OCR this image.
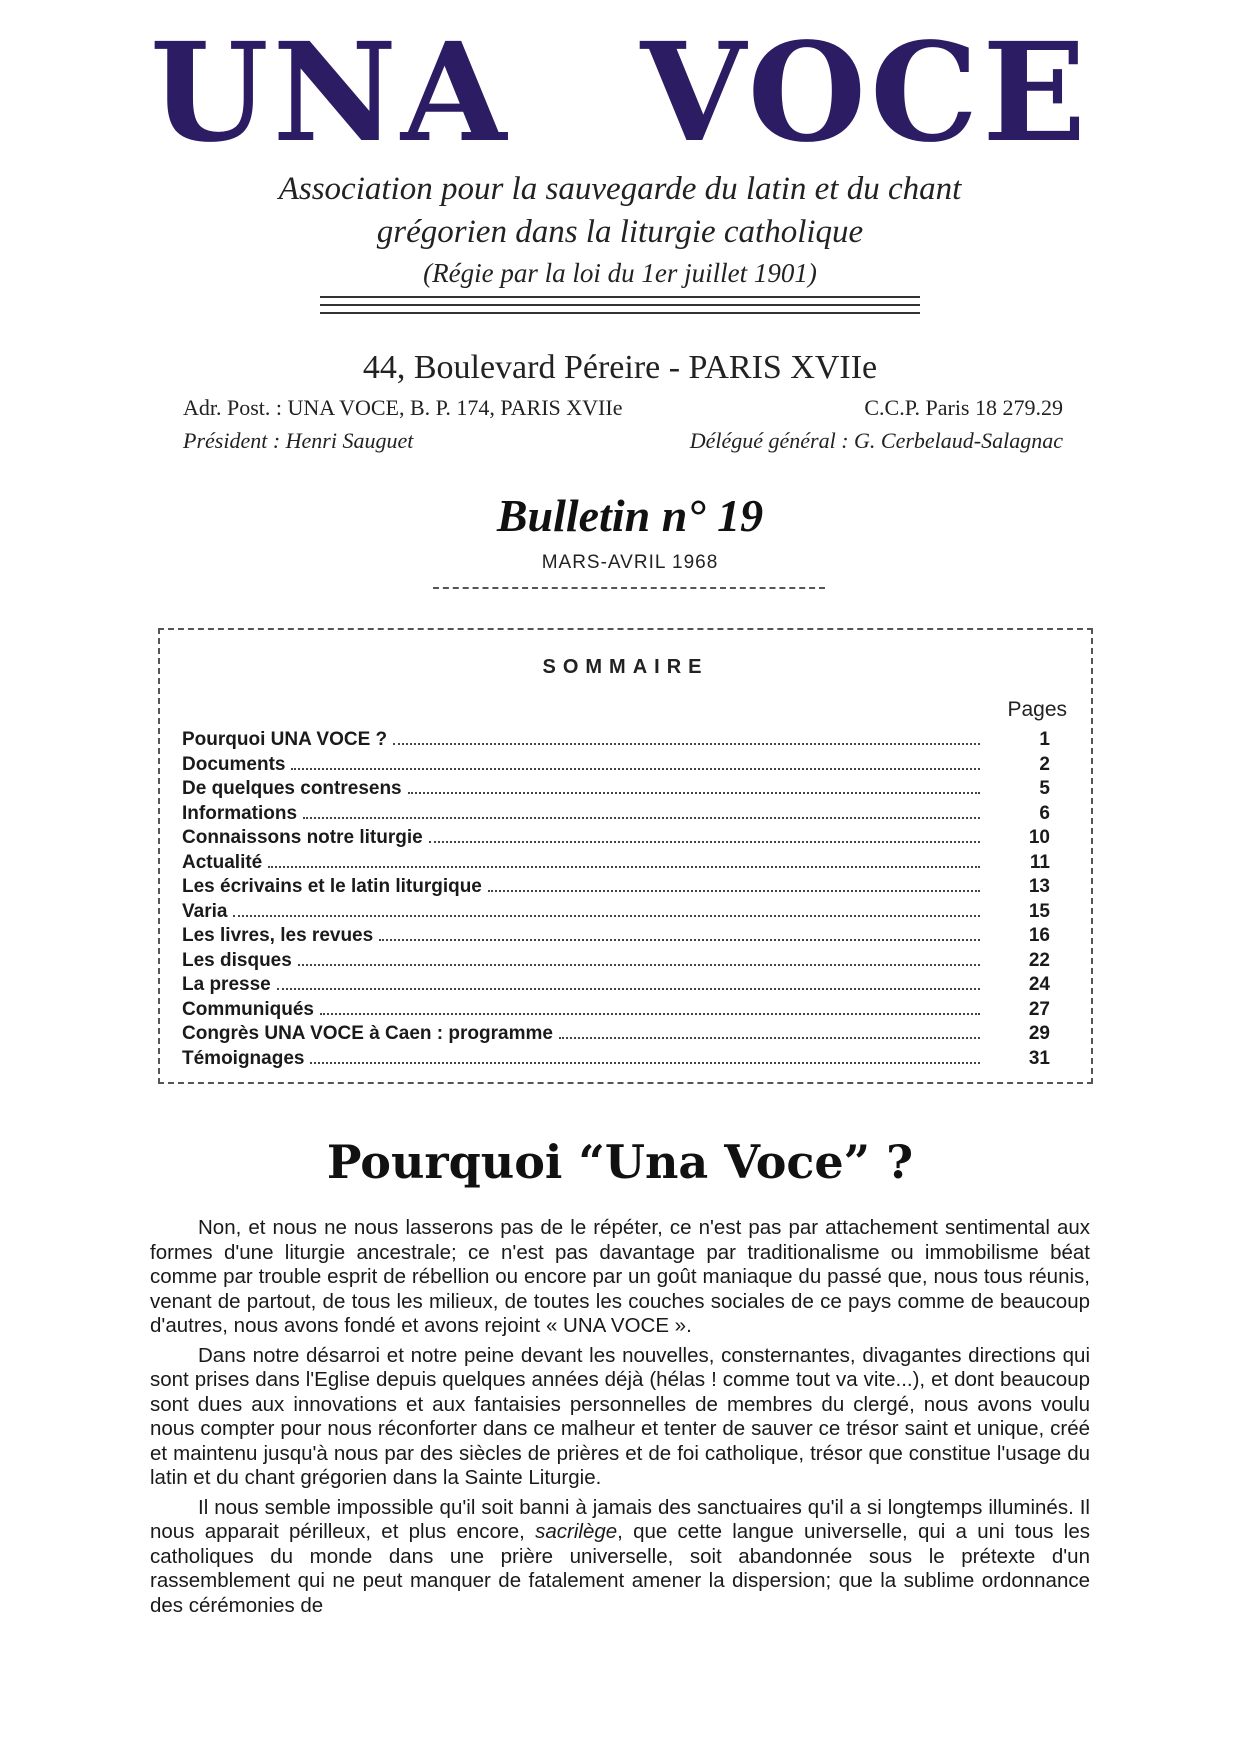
UNA VOCE
Association pour la sauvegarde du latin et du chant
grégorien dans la liturgie catholique
(Régie par la loi du 1er juillet 1901)
44, Boulevard Péreire - PARIS XVIIe
Adr. Post. : UNA VOCE, B. P. 174, PARIS XVIIe	C.C.P. Paris 18 279.29
Président : Henri Sauguet	Délégué général : G. Cerbelaud-Salagnac
Bulletin n° 19
MARS-AVRIL 1968
SOMMAIRE
Pages
Pourquoi UNA VOCE ?	1
Documents	2
De quelques contresens	5
Informations	6
Connaissons notre liturgie	10
Actualité	11
Les écrivains et le latin liturgique	13
Varia	15
Les livres, les revues	16
Les disques	22
La presse	24
Communiqués	27
Congrès UNA VOCE à Caen : programme	29
Témoignages	31
Pourquoi “Una Voce” ?

Non, et nous ne nous lasserons pas de le répéter, ce n'est pas par attachement sentimental aux formes d'une liturgie ancestrale; ce n'est pas davantage par traditionalisme ou immobilisme béat comme par trouble esprit de rébellion ou encore par un goût maniaque du passé que, nous tous réunis, venant de partout, de tous les milieux, de toutes les couches sociales de ce pays comme de beaucoup d'autres, nous avons fondé et avons rejoint « UNA VOCE ».

Dans notre désarroi et notre peine devant les nouvelles, consternantes, divagantes directions qui sont prises dans l'Eglise depuis quelques années déjà (hélas ! comme tout va vite...), et dont beaucoup sont dues aux innovations et aux fantaisies personnelles de membres du clergé, nous avons voulu nous compter pour nous réconforter dans ce malheur et tenter de sauver ce trésor saint et unique, créé et maintenu jusqu'à nous par des siècles de prières et de foi catholique, trésor que constitue l'usage du latin et du chant grégorien dans la Sainte Liturgie.

Il nous semble impossible qu'il soit banni à jamais des sanctuaires qu'il a si longtemps illuminés. Il nous apparait périlleux, et plus encore, sacrilège, que cette langue universelle, qui a uni tous les catholiques du monde dans une prière universelle, soit abandonnée sous le prétexte d'un rassemblement qui ne peut manquer de fatalement amener la dispersion; que la sublime ordonnance des cérémonies de
